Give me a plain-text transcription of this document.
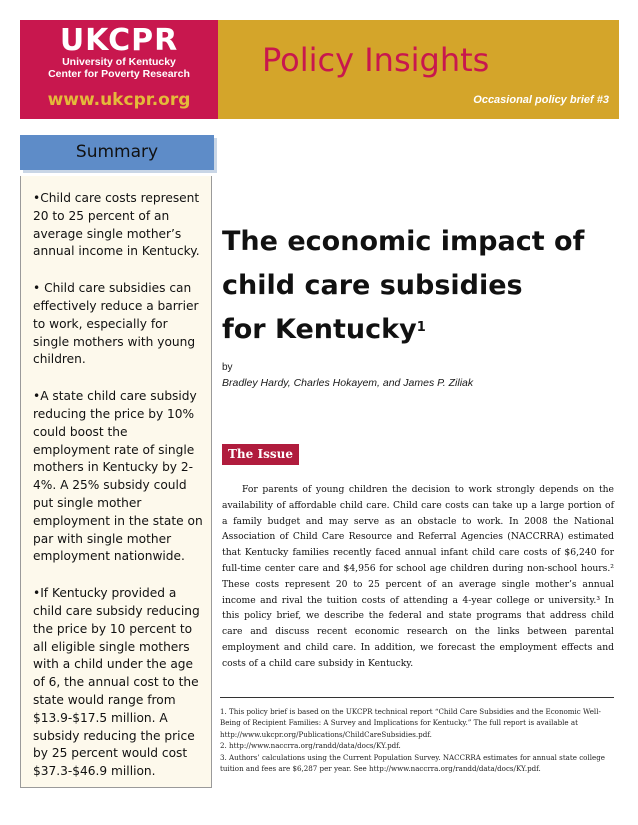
UKCPR
University of Kentucky
Center for Poverty Research
www.ukcpr.org
Policy Insights
Occasional policy brief #3
Summary
•Child care costs represent 20 to 25 percent of an average single mother’s annual income in Kentucky.
• Child care subsidies can effectively reduce a barrier to work, especially for single mothers with young children.
•A state child care subsidy reducing the price by 10% could boost the employment rate of single mothers in Kentucky by 2-4%. A 25% subsidy could put single mother employment in the state on par with single mother employment nationwide.
•If Kentucky provided a child care subsidy reducing the price by 10 percent to all eligible single mothers with a child under the age of 6, the annual cost to the state would range from $13.9-$17.5 million. A subsidy reducing the price by 25 percent would cost $37.3-$46.9 million.
The economic impact of
child care subsidies
for Kentucky$^1$
by
Bradley Hardy, Charles Hokayem, and James P. Ziliak
The Issue

For parents of young children the decision to work strongly depends on the availability of affordable child care. Child care costs can take up a large portion of a family budget and may serve as an obstacle to work. In 2008 the National Association of Child Care Resource and Referral Agencies (NACCRRA) estimated that Kentucky families recently faced annual infant child care costs of $6,240 for full-time center care and $4,956 for school age children during non-school hours.² These costs represent 20 to 25 percent of an average single mother’s annual income and rival the tuition costs of attending a 4-year college or university.³ In this policy brief, we describe the federal and state programs that address child care and discuss recent economic research on the links between parental employment and child care. In addition, we forecast the employment effects and costs of a child care subsidy in Kentucky.

1. This policy brief is based on the UKCPR technical report “Child Care Subsidies and the Economic Well-Being of Recipient Families: A Survey and Implications for Kentucky.” The full report is available at http://www.ukcpr.org/Publications/ChildCareSubsidies.pdf.

2. http://www.naccrra.org/randd/data/docs/KY.pdf.

3. Authors’ calculations using the Current Population Survey. NACCRRA estimates for annual state college tuition and fees are $6,287 per year. See http://www.naccrra.org/randd/data/docs/KY.pdf.
